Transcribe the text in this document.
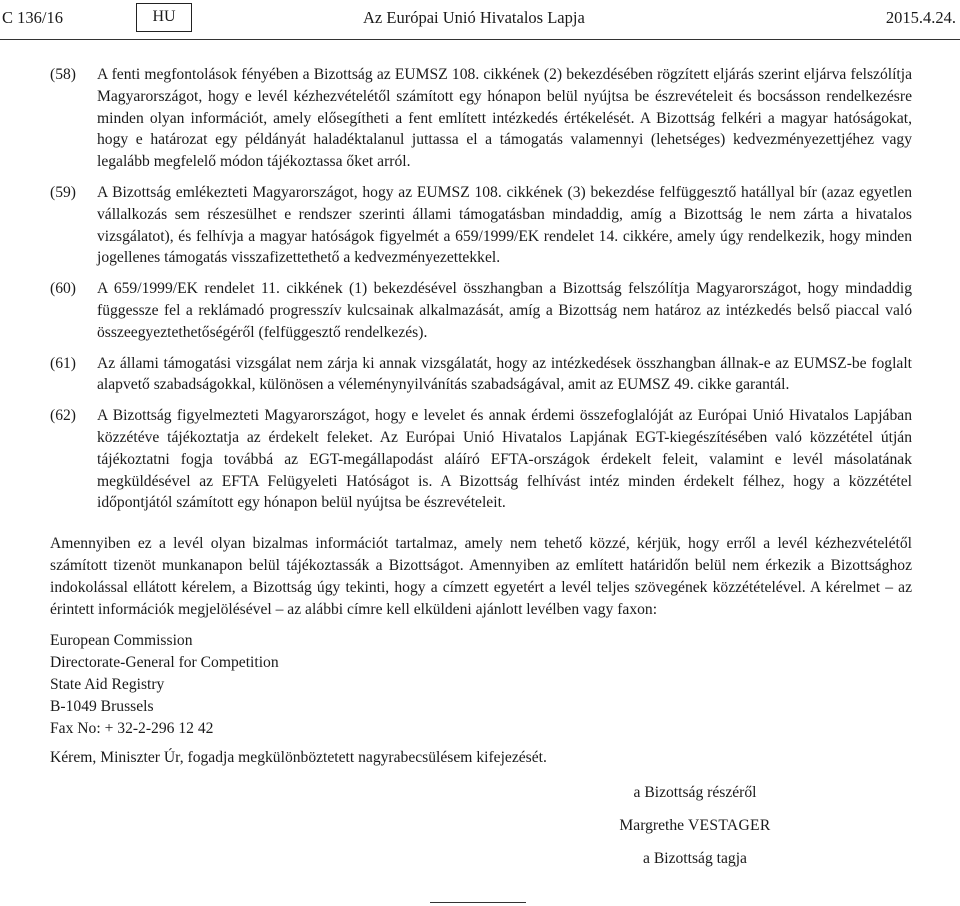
C 136/16	HU	Az Európai Unió Hivatalos Lapja	2015.4.24.
(58) A fenti megfontolások fényében a Bizottság az EUMSZ 108. cikkének (2) bekezdésében rögzített eljárás szerint eljárva felszólítja Magyarországot, hogy e levél kézhezvételétől számított egy hónapon belül nyújtsa be észrevételeit és bocsásson rendelkezésre minden olyan információt, amely elősegítheti a fent említett intézkedés értékelését. A Bizottság felkéri a magyar hatóságokat, hogy e határozat egy példányát haladéktalanul juttassa el a támogatás valamennyi (lehetséges) kedvezményezettjéhez vagy legalább megfelelő módon tájékoztassa őket arról.
(59) A Bizottság emlékezteti Magyarországot, hogy az EUMSZ 108. cikkének (3) bekezdése felfüggesztő hatállyal bír (azaz egyetlen vállalkozás sem részesülhet e rendszer szerinti állami támogatásban mindaddig, amíg a Bizottság le nem zárta a hivatalos vizsgálatot), és felhívja a magyar hatóságok figyelmét a 659/1999/EK rendelet 14. cikkére, amely úgy rendelkezik, hogy minden jogellenes támogatás visszafizettethető a kedvezményezettekkel.
(60) A 659/1999/EK rendelet 11. cikkének (1) bekezdésével összhangban a Bizottság felszólítja Magyarországot, hogy mindaddig függessze fel a reklámadó progresszív kulcsainak alkalmazását, amíg a Bizottság nem határoz az intézkedés belső piaccal való összeegyeztethetőségéről (felfüggesztő rendelkezés).
(61) Az állami támogatási vizsgálat nem zárja ki annak vizsgálatát, hogy az intézkedések összhangban állnak-e az EUMSZ-be foglalt alapvető szabadságokkal, különösen a véleménynyilvánítás szabadságával, amit az EUMSZ 49. cikke garantál.
(62) A Bizottság figyelmezteti Magyarországot, hogy e levelet és annak érdemi összefoglalóját az Európai Unió Hivatalos Lapjában közzétéve tájékoztatja az érdekelt feleket. Az Európai Unió Hivatalos Lapjának EGT-kiegészítésében való közzététel útján tájékoztatni fogja továbbá az EGT-megállapodást aláíró EFTA-országok érdekelt feleit, valamint e levél másolatának megküldésével az EFTA Felügyeleti Hatóságot is. A Bizottság felhívást intéz minden érdekelt félhez, hogy a közzététel időpontjától számított egy hónapon belül nyújtsa be észrevételeit.

Amennyiben ez a levél olyan bizalmas információt tartalmaz, amely nem tehető közzé, kérjük, hogy erről a levél kézhezvételétől számított tizenöt munkanapon belül tájékoztassák a Bizottságot. Amennyiben az említett határidőn belül nem érkezik a Bizottsághoz indokolással ellátott kérelem, a Bizottság úgy tekinti, hogy a címzett egyetért a levél teljes szövegének közzétételével. A kérelmet – az érintett információk megjelölésével – az alábbi címre kell elküldeni ajánlott levélben vagy faxon:

European Commission
Directorate-General for Competition
State Aid Registry
B-1049 Brussels
Fax No: + 32-2-296 12 42

Kérem, Miniszter Úr, fogadja megkülönböztetett nagyrabecsülésem kifejezését.

a Bizottság részéről
Margrethe VESTAGER
a Bizottság tagja
